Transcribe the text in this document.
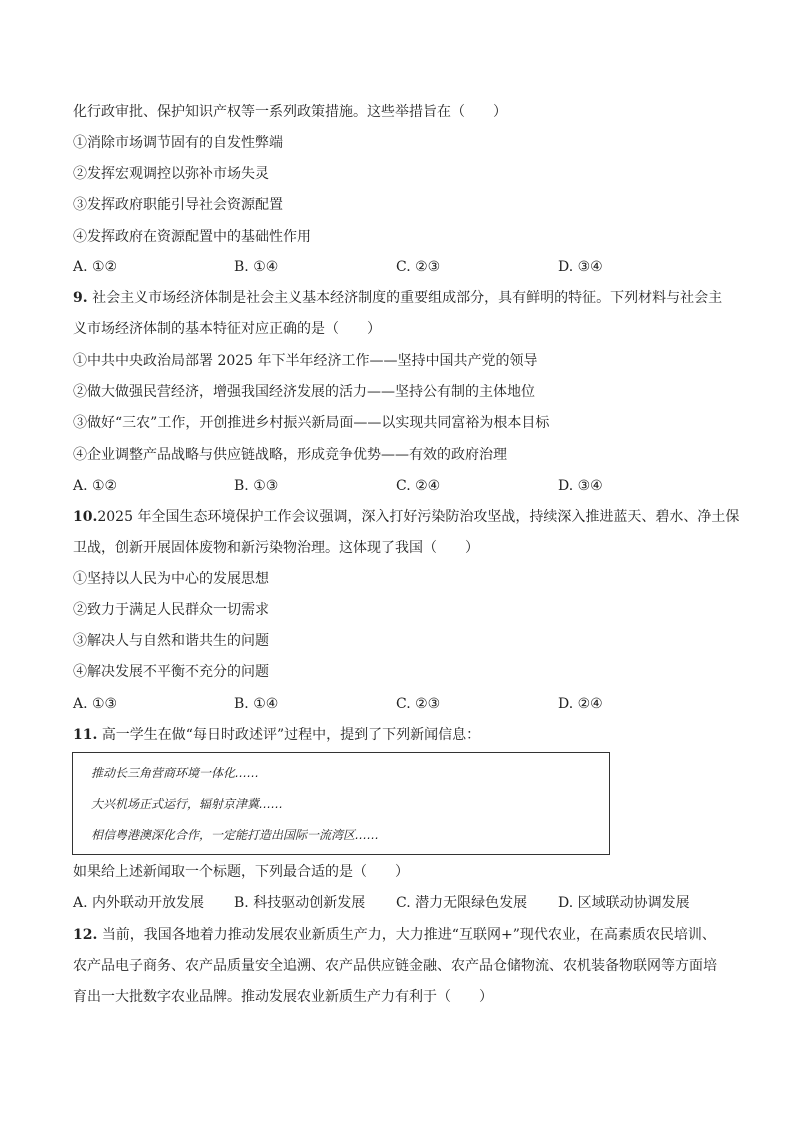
化行政审批、保护知识产权等一系列政策措施。这些举措旨在（　　）
①消除市场调节固有的自发性弊端
②发挥宏观调控以弥补市场失灵
③发挥政府职能引导社会资源配置
④发挥政府在资源配置中的基础性作用
A. ①②	B. ①④	C. ②③	D. ③④
9. 社会主义市场经济体制是社会主义基本经济制度的重要组成部分，具有鲜明的特征。下列材料与社会主
义市场经济体制的基本特征对应正确的是（　　）
①中共中央政治局部署 2025 年下半年经济工作——坚持中国共产党的领导
②做大做强民营经济，增强我国经济发展的活力——坚持公有制的主体地位
③做好“三农”工作，开创推进乡村振兴新局面——以实现共同富裕为根本目标
④企业调整产品战略与供应链战略，形成竞争优势——有效的政府治理
A. ①②	B. ①③	C. ②④	D. ③④
10.2025 年全国生态环境保护工作会议强调，深入打好污染防治攻坚战，持续深入推进蓝天、碧水、净土保
卫战，创新开展固体废物和新污染物治理。这体现了我国（　　）
①坚持以人民为中心的发展思想
②致力于满足人民群众一切需求
③解决人与自然和谐共生的问题
④解决发展不平衡不充分的问题
A. ①③	B. ①④	C. ②③	D. ②④
11. 高一学生在做“每日时政述评”过程中，提到了下列新闻信息：
推动长三角营商环境一体化……
大兴机场正式运行，辐射京津冀……
相信粤港澳深化合作，一定能打造出国际一流湾区……
如果给上述新闻取一个标题，下列最合适的是（　　）
A. 内外联动开放发展 B. 科技驱动创新发展 C. 潜力无限绿色发展 D. 区域联动协调发展
12. 当前，我国各地着力推动发展农业新质生产力，大力推进“互联网+”现代农业，在高素质农民培训、
农产品电子商务、农产品质量安全追溯、农产品供应链金融、农产品仓储物流、农机装备物联网等方面培
育出一大批数字农业品牌。推动发展农业新质生产力有利于（　　）
